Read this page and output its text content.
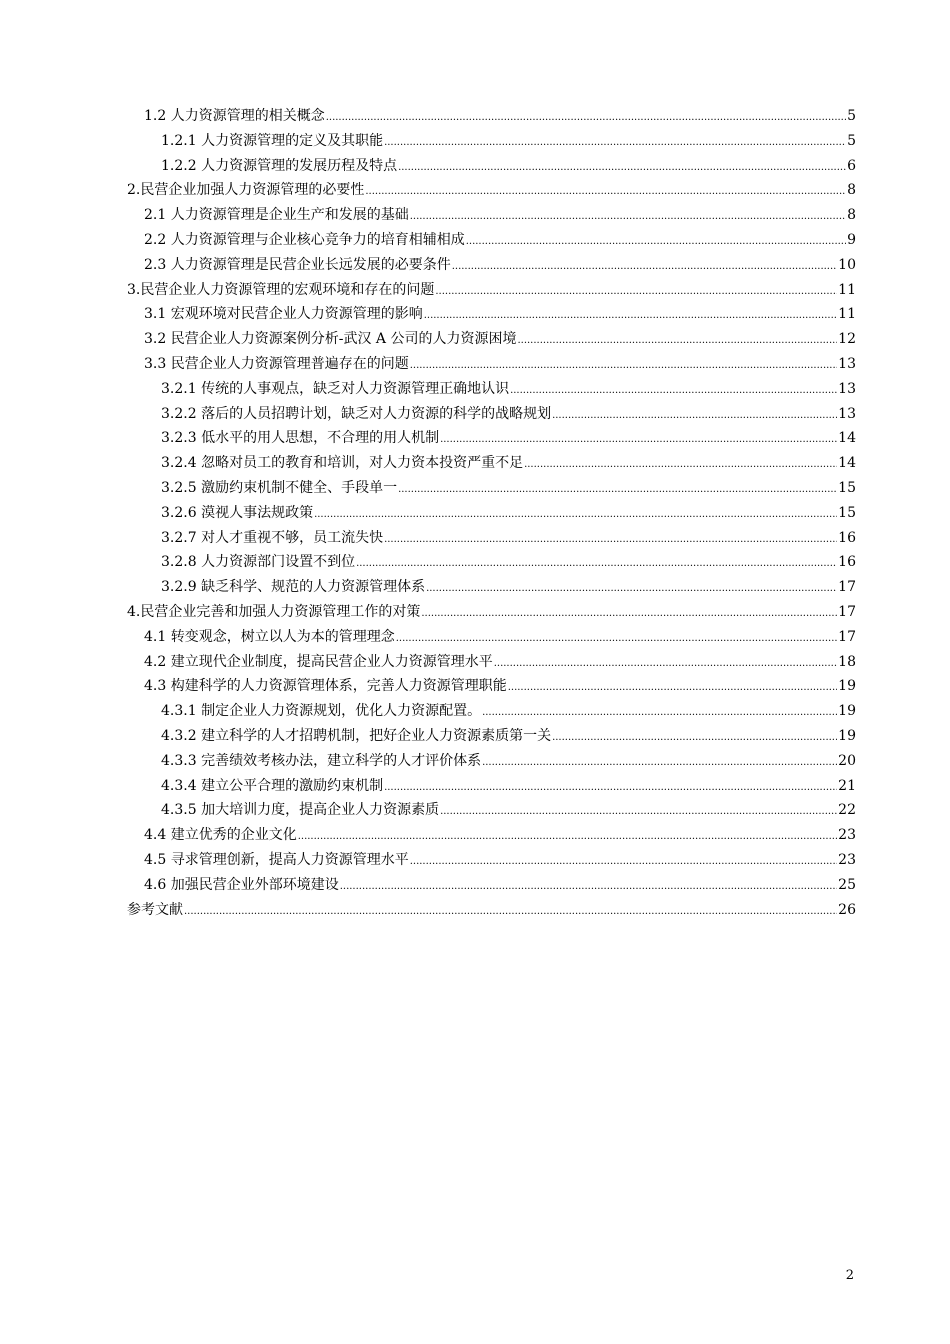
1.2 人力资源管理的相关概念 .....	5
1.2.1 人力资源管理的定义及其职能 .....	5
1.2.2 人力资源管理的发展历程及特点 .....	6
2.民营企业加强人力资源管理的必要性 .....	8
2.1 人力资源管理是企业生产和发展的基础 .....	8
2.2 人力资源管理与企业核心竞争力的培育相辅相成 .....	9
2.3 人力资源管理是民营企业长远发展的必要条件 .....	10
3.民营企业人力资源管理的宏观环境和存在的问题 .....	11
3.1 宏观环境对民营企业人力资源管理的影响 .....	11
3.2 民营企业人力资源案例分析-武汉 A 公司的人力资源困境 .....	12
3.3 民营企业人力资源管理普遍存在的问题 .....	13
3.2.1 传统的人事观点，缺乏对人力资源管理正确地认识 .....	13
3.2.2 落后的人员招聘计划，缺乏对人力资源的科学的战略规划 .....	13
3.2.3 低水平的用人思想，不合理的用人机制 .....	14
3.2.4 忽略对员工的教育和培训，对人力资本投资严重不足 .....	14
3.2.5 激励约束机制不健全、手段单一 .....	15
3.2.6 漠视人事法规政策 .....	15
3.2.7 对人才重视不够，员工流失快 .....	16
3.2.8 人力资源部门设置不到位 .....	16
3.2.9 缺乏科学、规范的人力资源管理体系 .....	17
4.民营企业完善和加强人力资源管理工作的对策 .....	17
4.1 转变观念，树立以人为本的管理理念 .....	17
4.2 建立现代企业制度，提高民营企业人力资源管理水平 .....	18
4.3 构建科学的人力资源管理体系，完善人力资源管理职能 .....	19
4.3.1 制定企业人力资源规划，优化人力资源配置。 .....	19
4.3.2 建立科学的人才招聘机制，把好企业人力资源素质第一关 .....	19
4.3.3 完善绩效考核办法，建立科学的人才评价体系 .....	20
4.3.4 建立公平合理的激励约束机制 .....	21
4.3.5 加大培训力度，提高企业人力资源素质 .....	22
4.4 建立优秀的企业文化 .....	23
4.5 寻求管理创新，提高人力资源管理水平 .....	23
4.6 加强民营企业外部环境建设 .....	25
参考文献 .....	26
2
